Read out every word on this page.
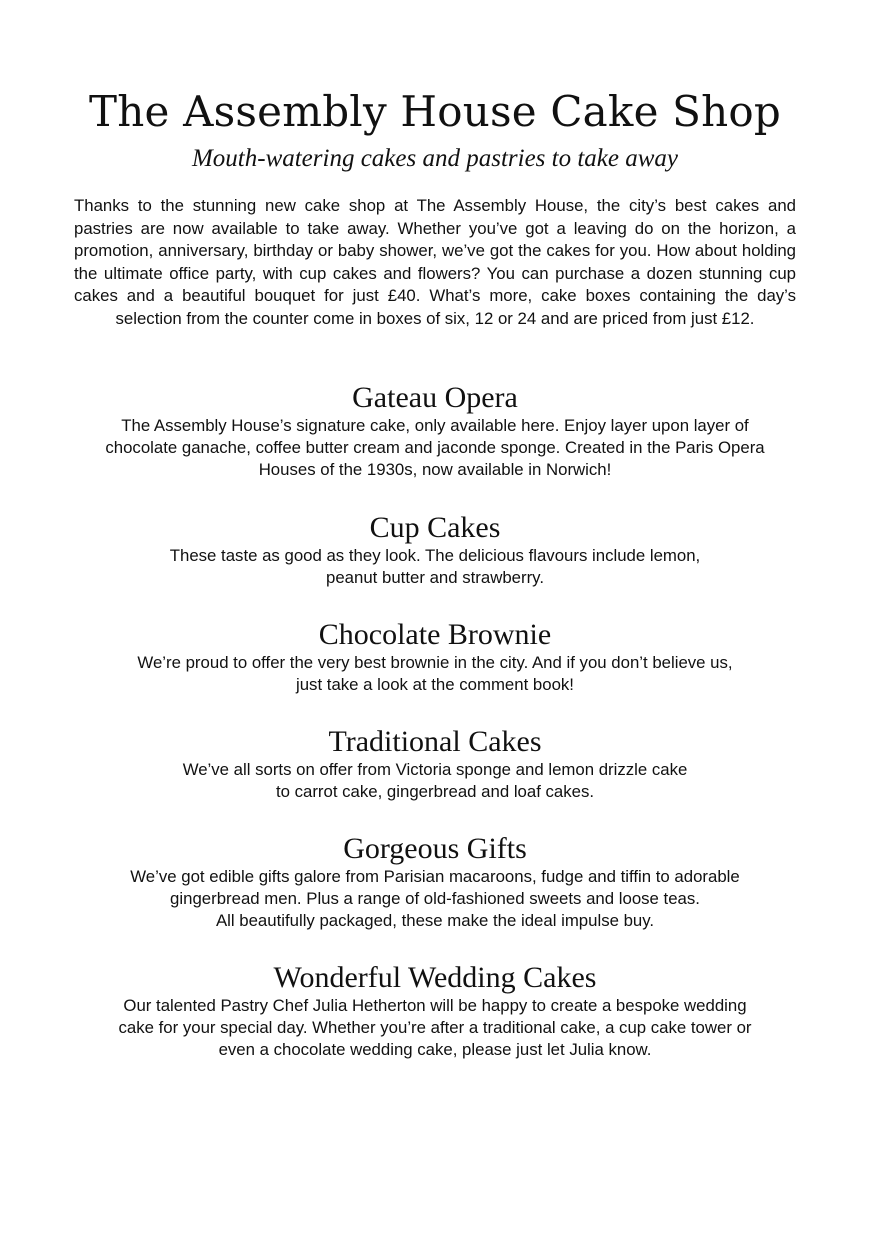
The Assembly House Cake Shop
Mouth-watering cakes and pastries to take away

Thanks to the stunning new cake shop at The Assembly House, the city’s best cakes and pastries are now available to take away. Whether you’ve got a leaving do on the horizon, a promotion, anniversary, birthday or baby shower, we’ve got the cakes for you. How about holding the ultimate office party, with cup cakes and flowers? You can purchase a dozen stunning cup cakes and a beautiful bouquet for just £40. What’s more, cake boxes containing the day’s selection from the counter come in boxes of six, 12 or 24 and are priced from just £12.

Gateau Opera

The Assembly House’s signature cake, only available here. Enjoy layer upon layer of
chocolate ganache, coffee butter cream and jaconde sponge. Created in the Paris Opera
Houses of the 1930s, now available in Norwich!

Cup Cakes

These taste as good as they look. The delicious flavours include lemon,
peanut butter and strawberry.

Chocolate Brownie

We’re proud to offer the very best brownie in the city. And if you don’t believe us,
just take a look at the comment book!

Traditional Cakes

We’ve all sorts on offer from Victoria sponge and lemon drizzle cake
to carrot cake, gingerbread and loaf cakes.

Gorgeous Gifts

We’ve got edible gifts galore from Parisian macaroons, fudge and tiffin to adorable
gingerbread men. Plus a range of old-fashioned sweets and loose teas.
All beautifully packaged, these make the ideal impulse buy.

Wonderful Wedding Cakes

Our talented Pastry Chef Julia Hetherton will be happy to create a bespoke wedding
cake for your special day. Whether you’re after a traditional cake, a cup cake tower or
even a chocolate wedding cake, please just let Julia know.
